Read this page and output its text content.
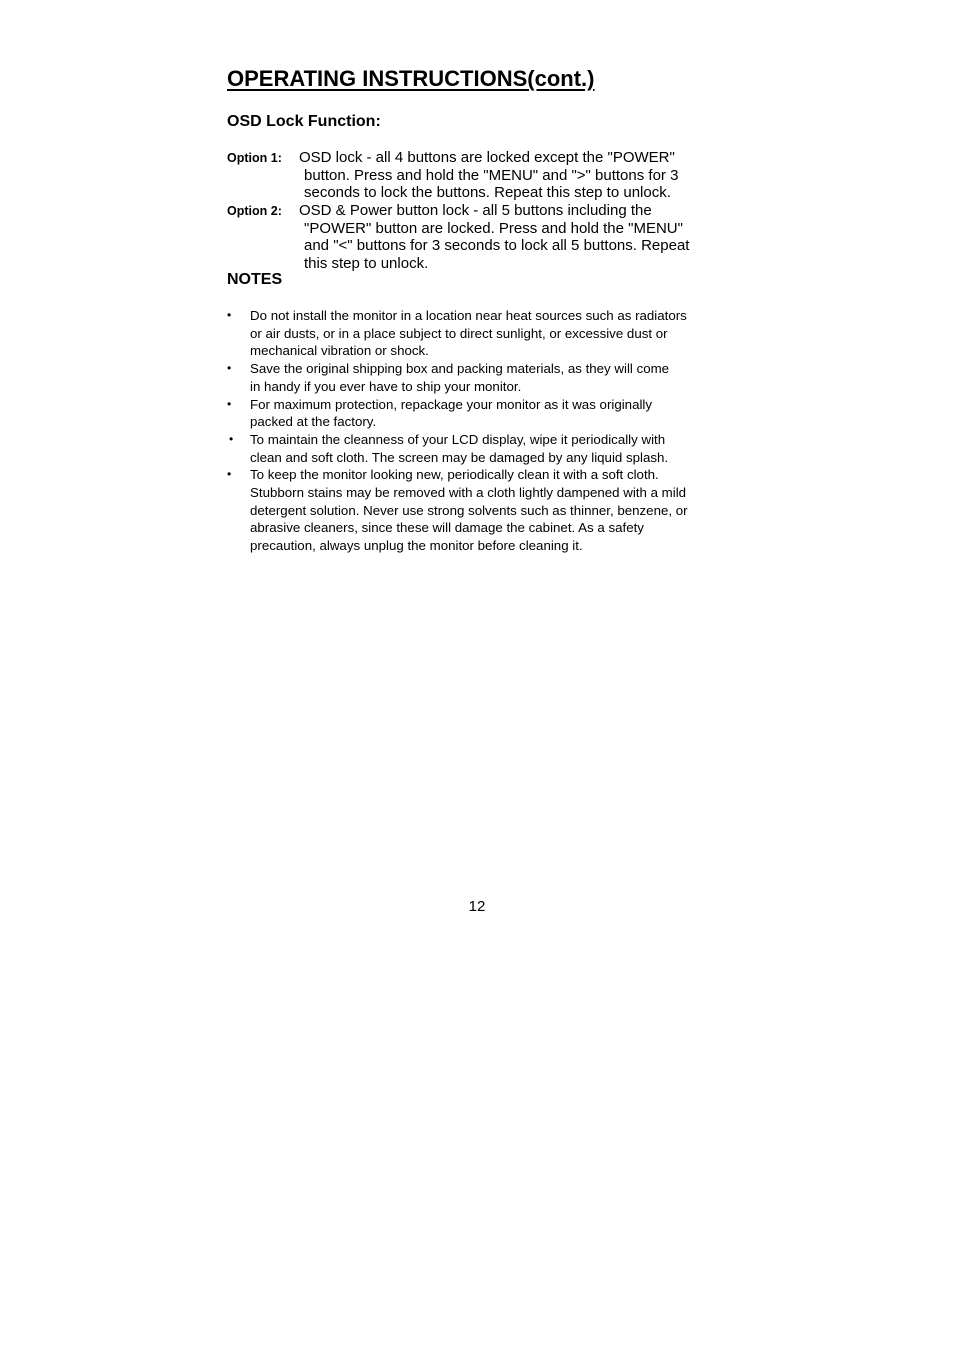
OPERATING INSTRUCTIONS(cont.)
OSD Lock Function:
Option 1: OSD lock - all 4 buttons are locked except the "POWER"
button. Press and hold the "MENU" and ">" buttons for 3
seconds to lock the buttons. Repeat this step to unlock.
Option 2: OSD & Power button lock - all 5 buttons including the
"POWER" button are locked. Press and hold the "MENU"
and "<" buttons for 3 seconds to lock all 5 buttons. Repeat
this step to unlock.
NOTES
• Do not install the monitor in a location near heat sources such as radiators
or air dusts, or in a place subject to direct sunlight, or excessive dust or
mechanical vibration or shock.
• Save the original shipping box and packing materials, as they will come
in handy if you ever have to ship your monitor.
• For maximum protection, repackage your monitor as it was originally
packed at the factory.
• To maintain the cleanness of your LCD display, wipe it periodically with
clean and soft cloth. The screen may be damaged by any liquid splash.
• To keep the monitor looking new, periodically clean it with a soft cloth.
Stubborn stains may be removed with a cloth lightly dampened with a mild
detergent solution. Never use strong solvents such as thinner, benzene, or
abrasive cleaners, since these will damage the cabinet. As a safety
precaution, always unplug the monitor before cleaning it.
12
